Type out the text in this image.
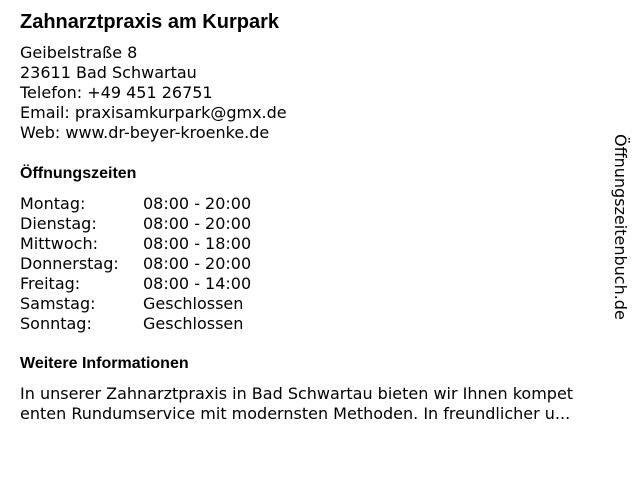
Zahnarztpraxis am Kurpark
Geibelstraße 8
23611 Bad Schwartau
Telefon: +49 451 26751
Email: praxisamkurpark@gmx.de
Web: www.dr-beyer-kroenke.de
Öffnungszeiten
Montag:	08:00 - 20:00
Dienstag:	08:00 - 20:00
Mittwoch:	08:00 - 18:00
Donnerstag:	08:00 - 20:00
Freitag:	08:00 - 14:00
Samstag:	Geschlossen
Sonntag:	Geschlossen
Weitere Informationen
In unserer Zahnarztpraxis in Bad Schwartau bieten wir Ihnen kompet
enten Rundumservice mit modernsten Methoden. In freundlicher u...
Öffnungszeitenbuch.de
